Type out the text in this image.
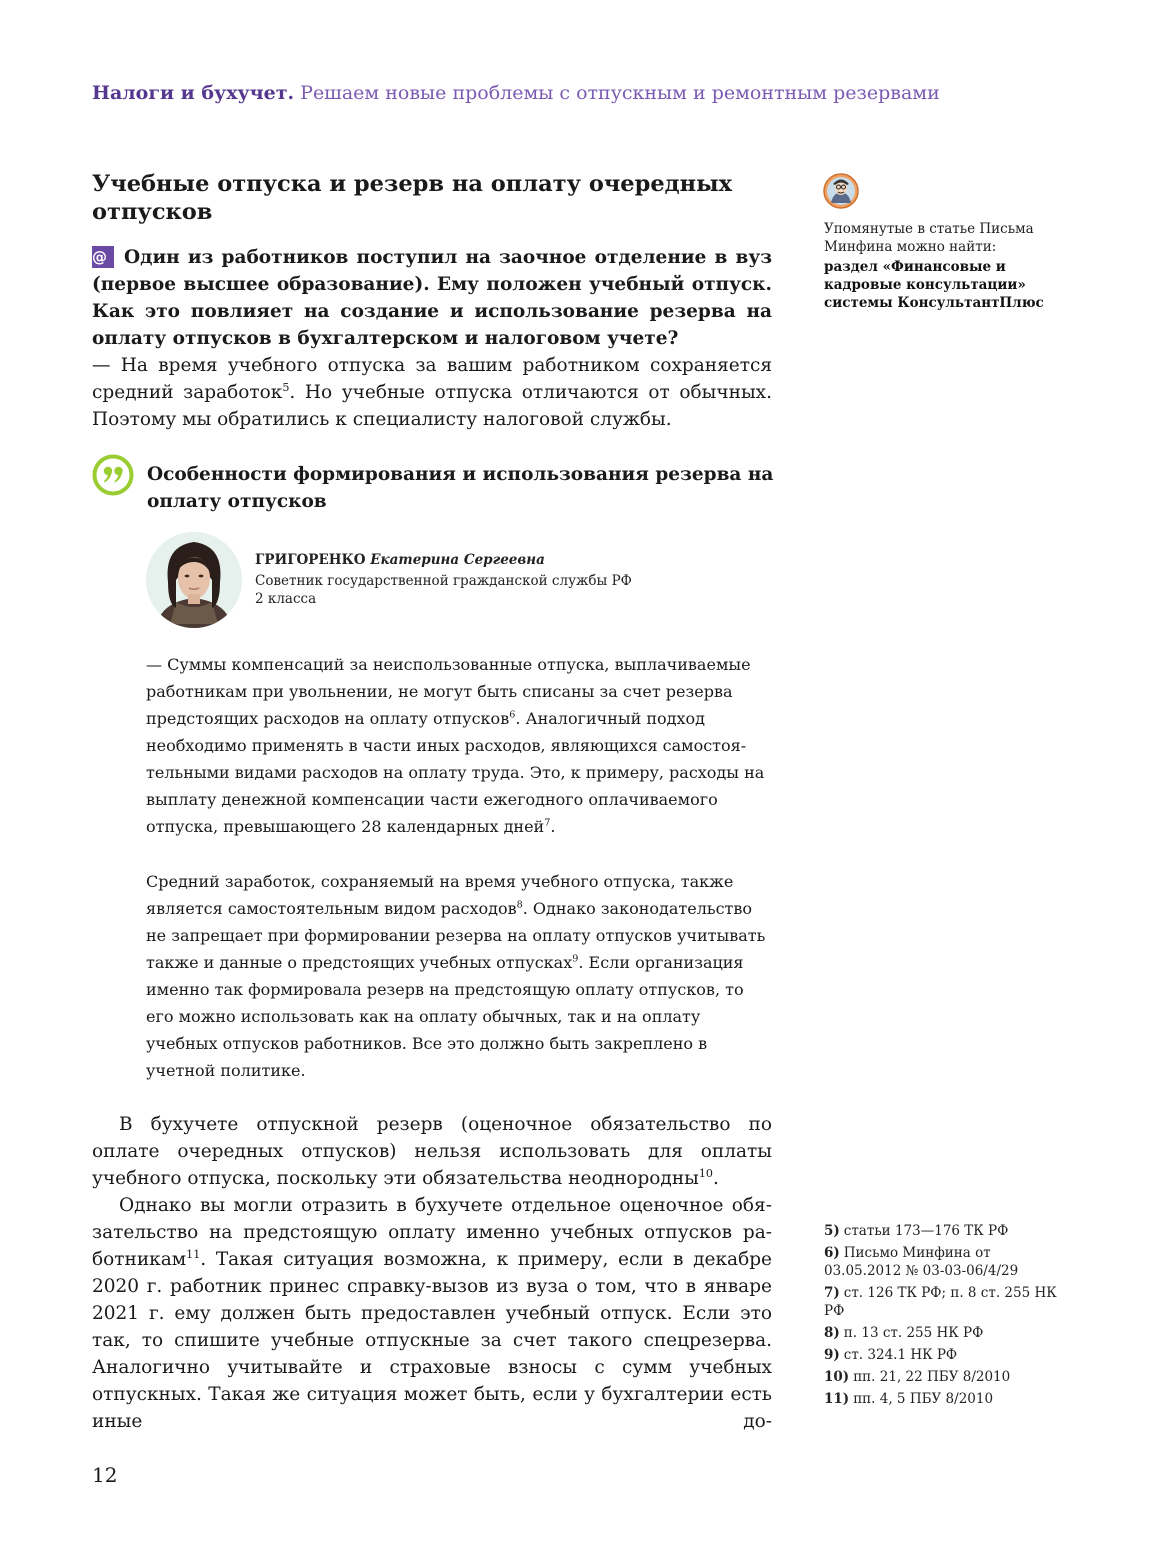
Налоги и бухучет. Решаем новые проблемы с отпускным и ремонтным резервами
Учебные отпуска и резерв на оплату очередных отпусков

@ Один из работников поступил на заочное отделение в вуз (первое высшее образование). Ему положен учебный отпуск. Как это повлияет на создание и использование резерва на оплату отпусков в бухгалтерском и налоговом учете?

— На время учебного отпуска за вашим работником сохраняется средний заработок$^5$. Но учебные отпуска отличаются от обычных. Поэтому мы обратились к специалисту налоговой службы.

Особенности формирования и использования резерва на оплату отпусков

ГРИГОРЕНКО Екатерина Сергеевна

Советник государственной гражданской службы РФ
2 класса

— Суммы компенсаций за неиспользованные отпуска, выплачиваемые работникам при увольнении, не могут быть списаны за счет резерва предстоящих расходов на оплату отпусков$^6$. Аналогичный подход необходимо применять в части иных расходов, являющихся самостоятельными видами расходов на оплату труда. Это, к примеру, расходы на выплату денежной компенсации части ежегодного оплачиваемого отпуска, превышающего 28 календарных дней$^7$.

Средний заработок, сохраняемый на время учебного отпуска, также является самостоятельным видом расходов$^8$. Однако законодательство не запрещает при формировании резерва на оплату отпусков учитывать также и данные о предстоящих учебных отпусках$^9$. Если организация именно так формировала резерв на предстоящую оплату отпусков, то его можно использовать как на оплату обычных, так и на оплату учебных отпусков работников. Все это должно быть закреплено в учетной политике.

В бухучете отпускной резерв (оценочное обязательство по оплате очередных отпусков) нельзя использовать для оплаты учебного отпуска, поскольку эти обязательства неоднородны$^{10}$.

Однако вы могли отразить в бухучете отдельное оценочное обязательство на предстоящую оплату именно учебных отпусков работникам$^{11}$. Такая ситуация возможна, к примеру, если в декабре 2020 г. работник принес справку-вызов из вуза о том, что в январе 2021 г. ему должен быть предоставлен учебный отпуск. Если это так, то спишите учебные отпускные за счет такого спецрезерва. Аналогично учитывайте и страховые взносы с сумм учебных отпускных. Такая же ситуация может быть, если у бухгалтерии есть иные до-

Упомянутые в статье Письма Минфина можно найти:

раздел «Финансовые и кадровые консультации» системы КонсультантПлюс

5) статьи 173—176 ТК РФ
6) Письмо Минфина от 03.05.2012 № 03-03-06/4/29
7) ст. 126 ТК РФ; п. 8 ст. 255 НК РФ
8) п. 13 ст. 255 НК РФ
9) ст. 324.1 НК РФ
10) пп. 21, 22 ПБУ 8/2010
11) пп. 4, 5 ПБУ 8/2010

12
